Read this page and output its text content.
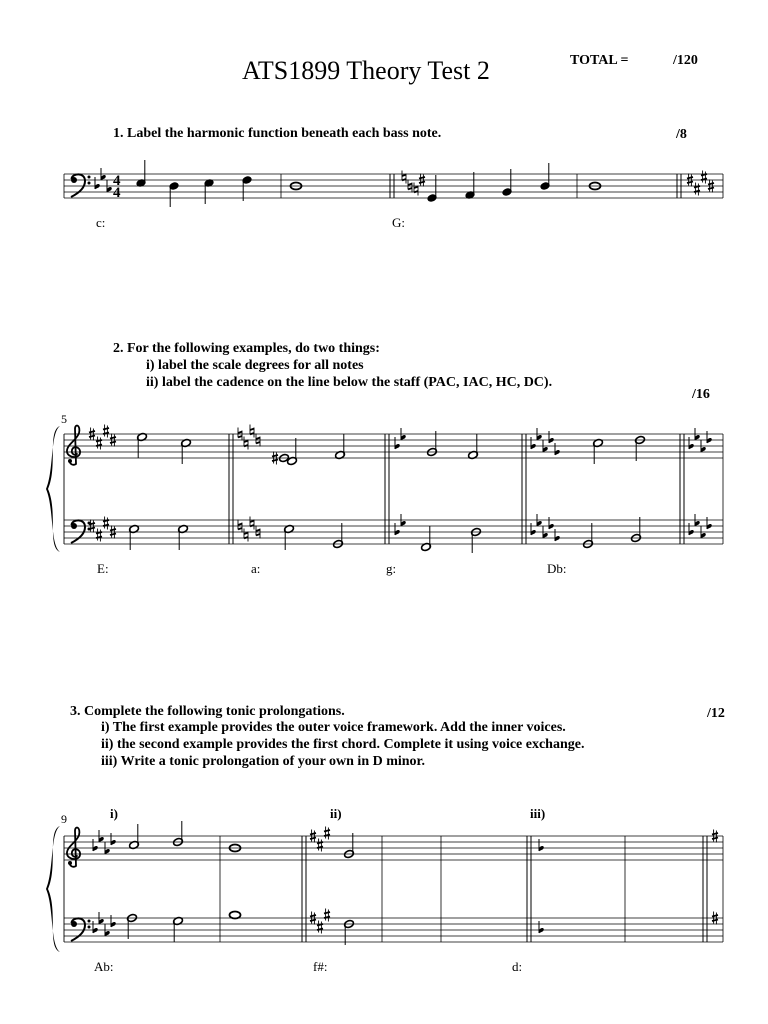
ATS1899 Theory Test 2	TOTAL =	/120
1. Label the harmonic function beneath each bass note.	/8
c:	G:
2. For the following examples, do two things:
i) label the scale degrees for all notes
ii) label the cadence on the line below the staff (PAC, IAC, HC, DC).
/16
5
E:	a:	g:	Db:
3. Complete the following tonic prolongations.
i) The first example provides the outer voice framework. Add the inner voices.
ii) the second example provides the first chord. Complete it using voice exchange.
iii) Write a tonic prolongation of your own in D minor.
/12
9	i)	ii)	iii)
Ab:	f#:	d:
4
4
